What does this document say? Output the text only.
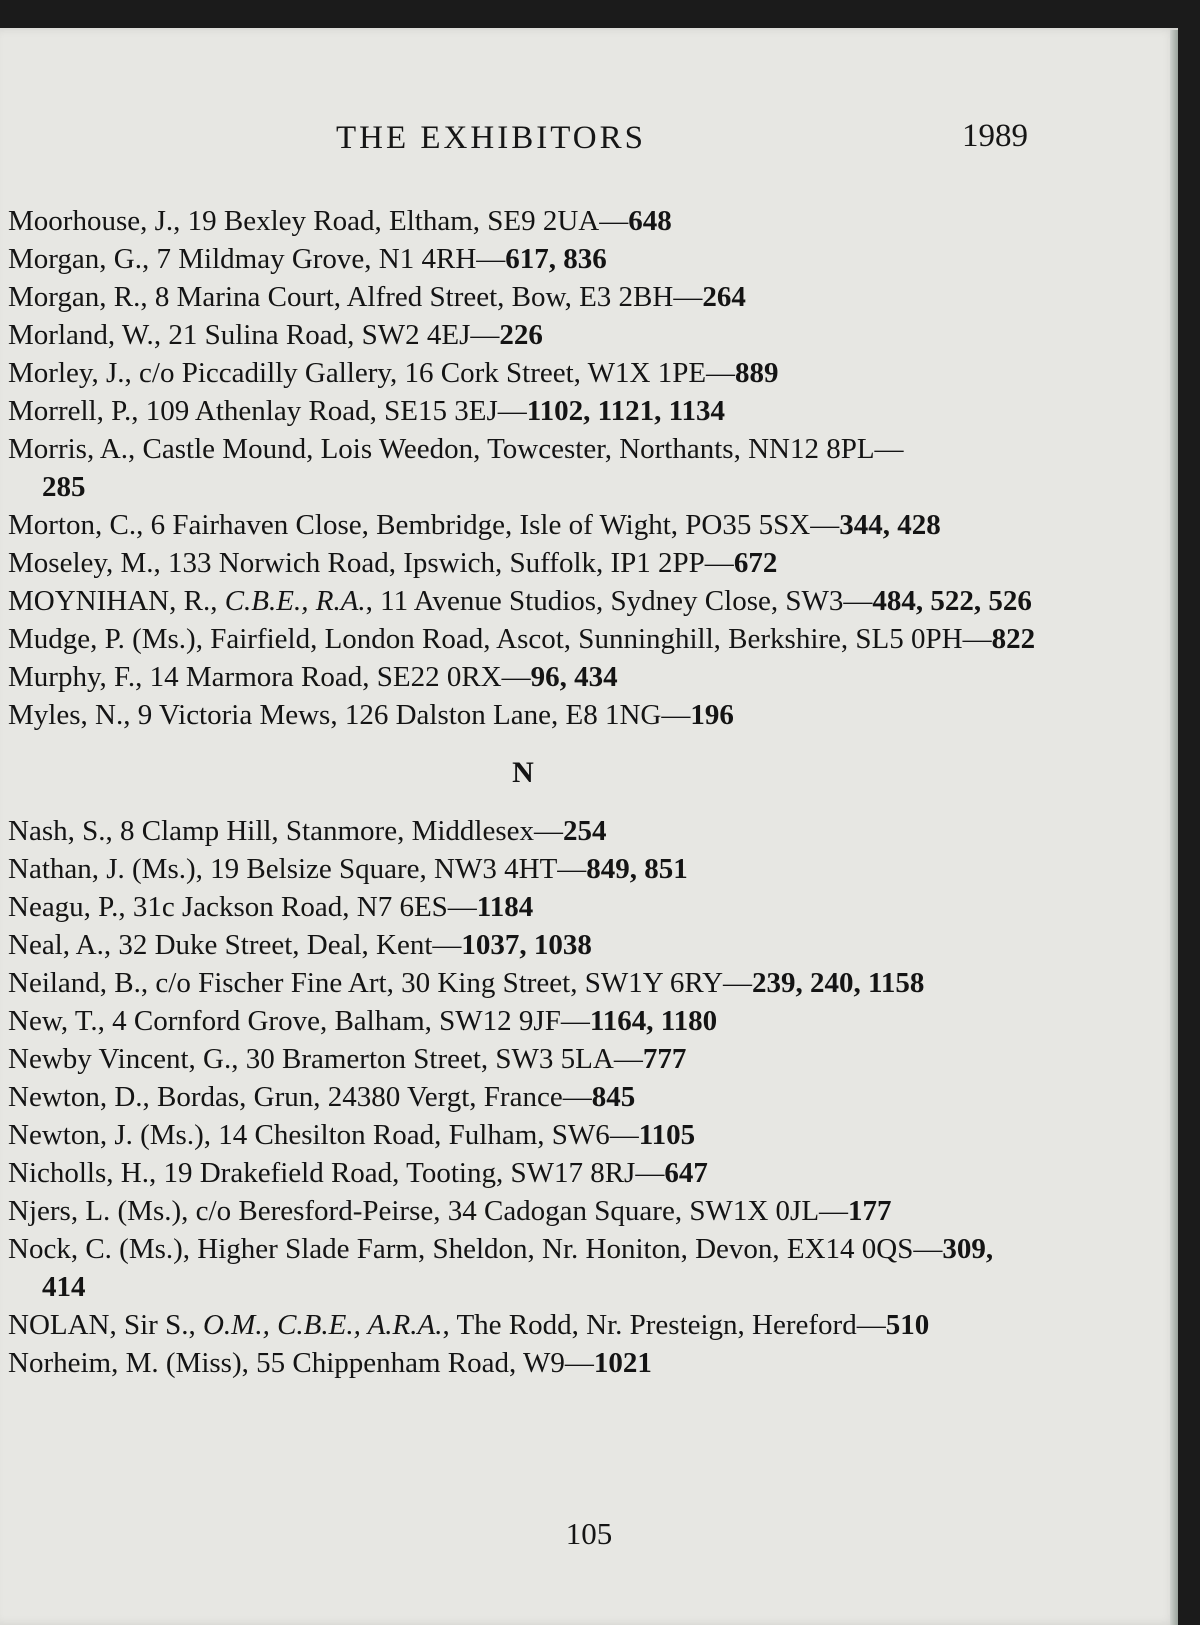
THE EXHIBITORS	1989

Moorhouse, J., 19 Bexley Road, Eltham, SE9 2UA—648

Morgan, G., 7 Mildmay Grove, N1 4RH—617, 836

Morgan, R., 8 Marina Court, Alfred Street, Bow, E3 2BH—264

Morland, W., 21 Sulina Road, SW2 4EJ—226

Morley, J., c/o Piccadilly Gallery, 16 Cork Street, W1X 1PE—889

Morrell, P., 109 Athenlay Road, SE15 3EJ—1102, 1121, 1134

Morris, A., Castle Mound, Lois Weedon, Towcester, Northants, NN12 8PL—
285

Morton, C., 6 Fairhaven Close, Bembridge, Isle of Wight, PO35 5SX—344, 428

Moseley, M., 133 Norwich Road, Ipswich, Suffolk, IP1 2PP—672

MOYNIHAN, R., C.B.E., R.A., 11 Avenue Studios, Sydney Close, SW3—484, 522, 526

Mudge, P. (Ms.), Fairfield, London Road, Ascot, Sunninghill, Berkshire, SL5 0PH—822

Murphy, F., 14 Marmora Road, SE22 0RX—96, 434

Myles, N., 9 Victoria Mews, 126 Dalston Lane, E8 1NG—196

N

Nash, S., 8 Clamp Hill, Stanmore, Middlesex—254

Nathan, J. (Ms.), 19 Belsize Square, NW3 4HT—849, 851

Neagu, P., 31c Jackson Road, N7 6ES—1184

Neal, A., 32 Duke Street, Deal, Kent—1037, 1038

Neiland, B., c/o Fischer Fine Art, 30 King Street, SW1Y 6RY—239, 240, 1158

New, T., 4 Cornford Grove, Balham, SW12 9JF—1164, 1180

Newby Vincent, G., 30 Bramerton Street, SW3 5LA—777

Newton, D., Bordas, Grun, 24380 Vergt, France—845

Newton, J. (Ms.), 14 Chesilton Road, Fulham, SW6—1105

Nicholls, H., 19 Drakefield Road, Tooting, SW17 8RJ—647

Njers, L. (Ms.), c/o Beresford-Peirse, 34 Cadogan Square, SW1X 0JL—177

Nock, C. (Ms.), Higher Slade Farm, Sheldon, Nr. Honiton, Devon, EX14 0QS—309, 414

NOLAN, Sir S., O.M., C.B.E., A.R.A., The Rodd, Nr. Presteign, Hereford—510

Norheim, M. (Miss), 55 Chippenham Road, W9—1021

105
